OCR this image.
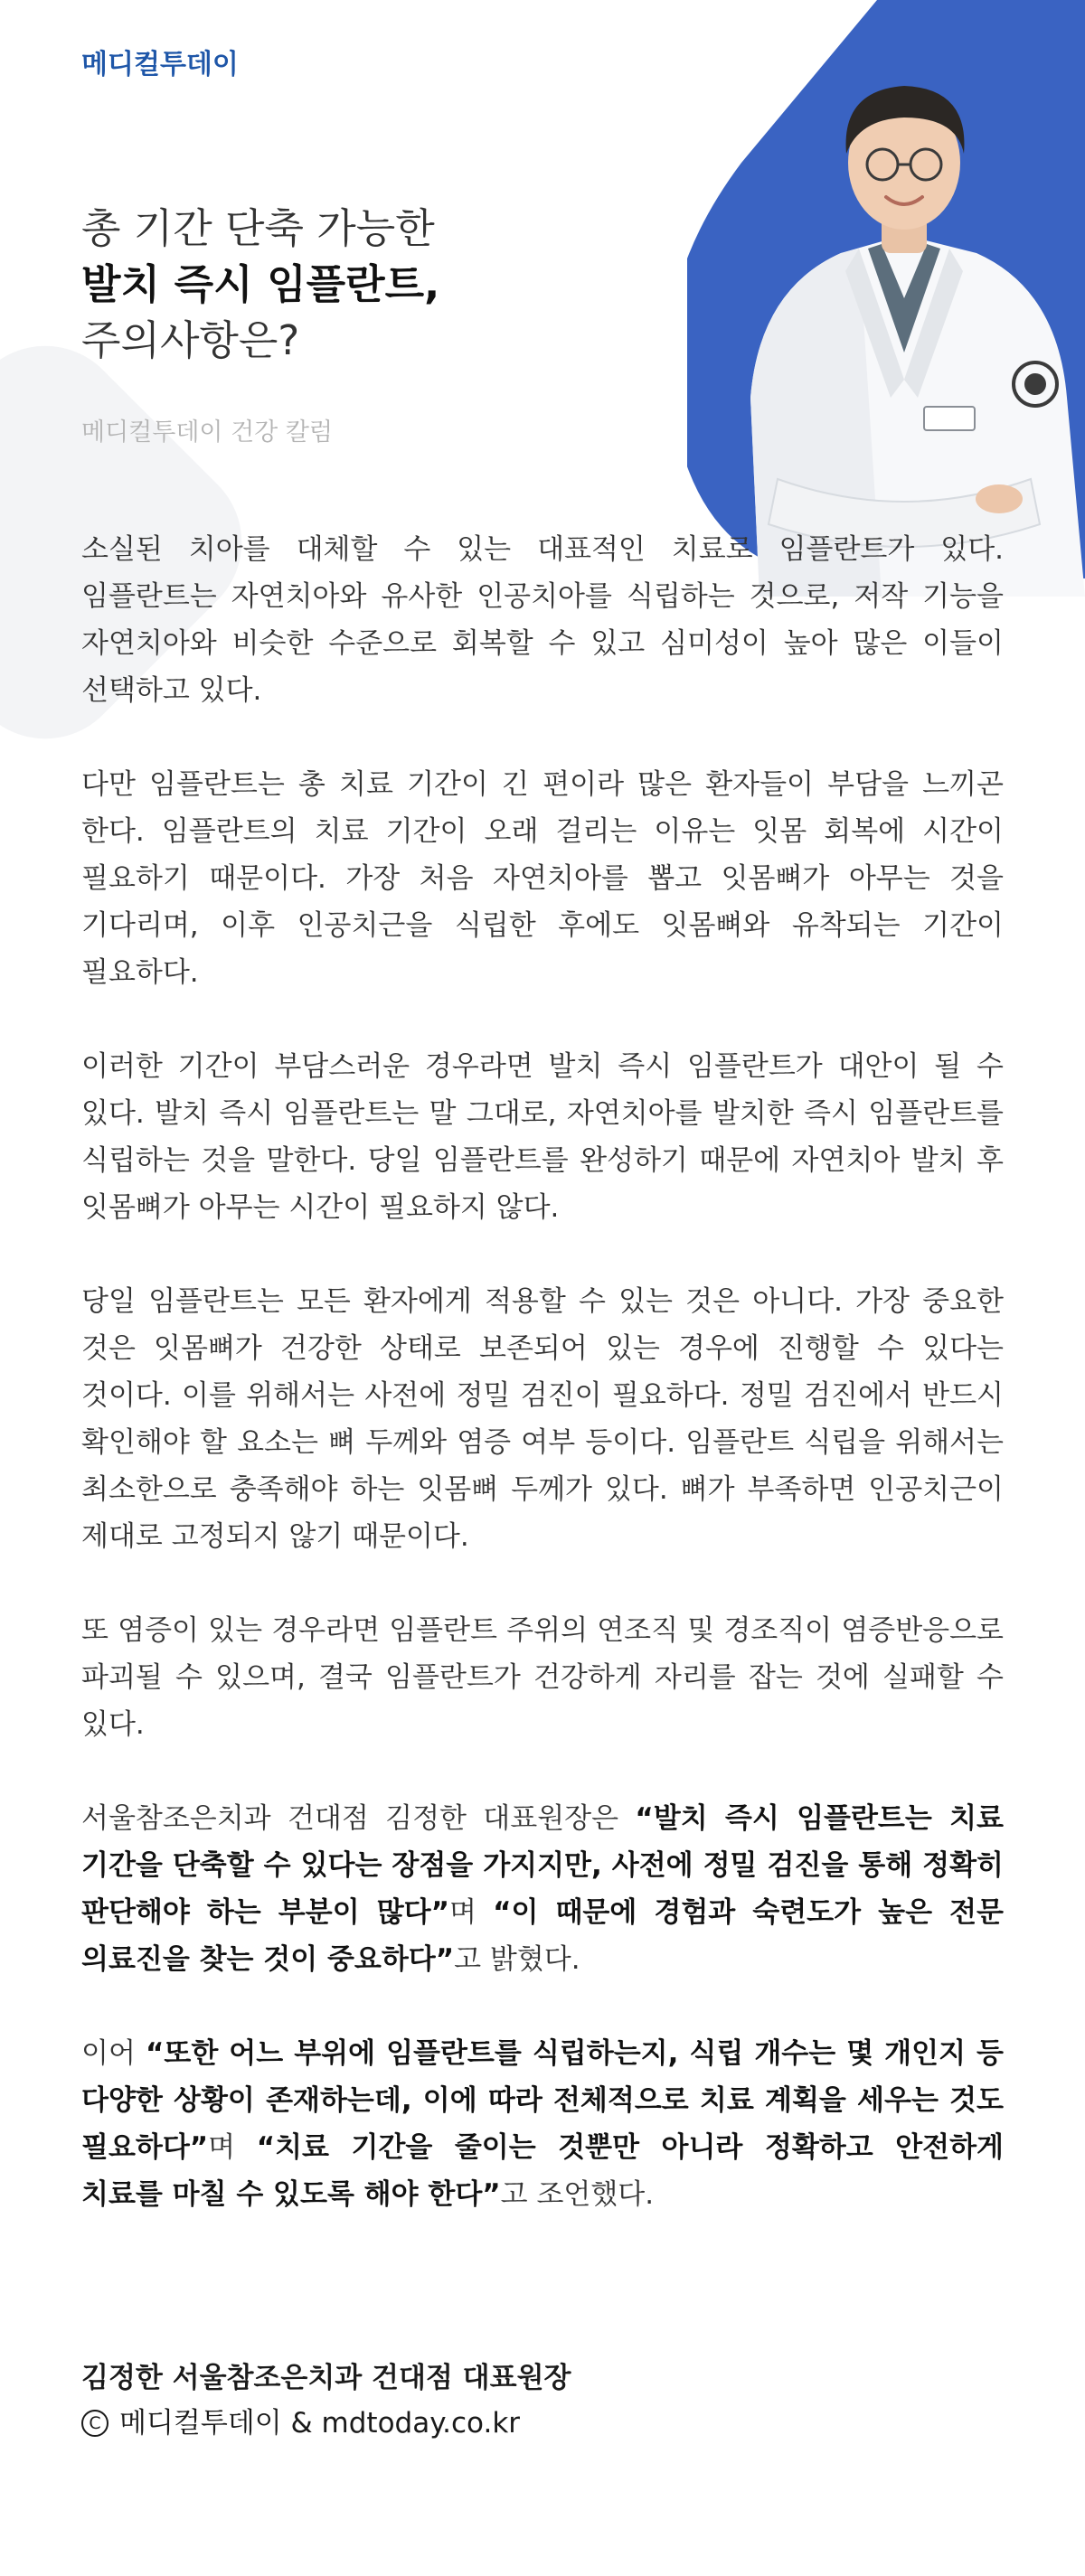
메디컬투데이
총 기간 단축 가능한
발치 즉시 임플란트,
주의사항은?
메디컬투데이 건강 칼럼

소실된 치아를 대체할 수 있는 대표적인 치료로 임플란트가 있다. 임플란트는 자연치아와 유사한 인공치아를 식립하는 것으로, 저작 기능을 자연치아와 비슷한 수준으로 회복할 수 있고 심미성이 높아 많은 이들이 선택하고 있다.

다만 임플란트는 총 치료 기간이 긴 편이라 많은 환자들이 부담을 느끼곤 한다. 임플란트의 치료 기간이 오래 걸리는 이유는 잇몸 회복에 시간이 필요하기 때문이다. 가장 처음 자연치아를 뽑고 잇몸뼈가 아무는 것을 기다리며, 이후 인공치근을 식립한 후에도 잇몸뼈와 유착되는 기간이 필요하다.

이러한 기간이 부담스러운 경우라면 발치 즉시 임플란트가 대안이 될 수 있다. 발치 즉시 임플란트는 말 그대로, 자연치아를 발치한 즉시 임플란트를 식립하는 것을 말한다. 당일 임플란트를 완성하기 때문에 자연치아 발치 후 잇몸뼈가 아무는 시간이 필요하지 않다.

당일 임플란트는 모든 환자에게 적용할 수 있는 것은 아니다. 가장 중요한 것은 잇몸뼈가 건강한 상태로 보존되어 있는 경우에 진행할 수 있다는 것이다. 이를 위해서는 사전에 정밀 검진이 필요하다. 정밀 검진에서 반드시 확인해야 할 요소는 뼈 두께와 염증 여부 등이다. 임플란트 식립을 위해서는 최소한으로 충족해야 하는 잇몸뼈 두께가 있다. 뼈가 부족하면 인공치근이 제대로 고정되지 않기 때문이다.

또 염증이 있는 경우라면 임플란트 주위의 연조직 및 경조직이 염증반응으로 파괴될 수 있으며, 결국 임플란트가 건강하게 자리를 잡는 것에 실패할 수 있다.

서울참조은치과 건대점 김정한 대표원장은 “발치 즉시 임플란트는 치료 기간을 단축할 수 있다는 장점을 가지지만, 사전에 정밀 검진을 통해 정확히 판단해야 하는 부분이 많다”며 “이 때문에 경험과 숙련도가 높은 전문 의료진을 찾는 것이 중요하다”고 밝혔다.

이어 “또한 어느 부위에 임플란트를 식립하는지, 식립 개수는 몇 개인지 등 다양한 상황이 존재하는데, 이에 따라 전체적으로 치료 계획을 세우는 것도 필요하다”며 “치료 기간을 줄이는 것뿐만 아니라 정확하고 안전하게 치료를 마칠 수 있도록 해야 한다”고 조언했다.

김정한 서울참조은치과 건대점 대표원장
C 메디컬투데이 & mdtoday.co.kr
